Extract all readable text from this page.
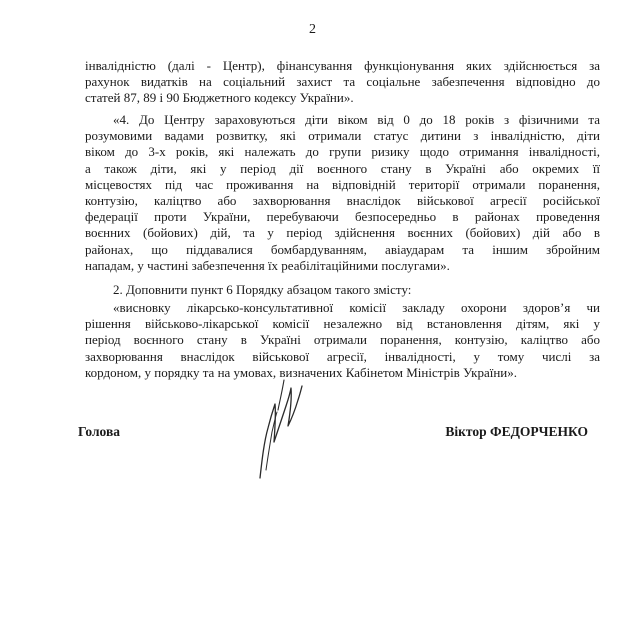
2
інвалідністю (далі - Центр), фінансування функціонування яких здійснюється за
рахунок видатків на соціальний захист та соціальне забезпечення відповідно до
статей 87, 89 і 90 Бюджетного кодексу України».
«4. До Центру зараховуються діти віком від 0 до 18 років з фізичними та
розумовими вадами розвитку, які отримали статус дитини з інвалідністю, діти
віком до 3-х років, які належать до групи ризику щодо отримання інвалідності,
а також діти, які у період дії воєнного стану в Україні або окремих її
місцевостях під час проживання на відповідній території отримали поранення,
контузію, каліцтво або захворювання внаслідок військової агресії російської
федерації проти України, перебуваючи безпосередньо в районах проведення
воєнних (бойових) дій, та у період здійснення воєнних (бойових) дій або в
районах, що піддавалися бомбардуванням, авіаударам та іншим збройним
нападам, у частині забезпечення їх реабілітаційними послугами».
2. Доповнити пункт 6 Порядку абзацом такого змісту:
«висновку лікарсько-консультативної комісії закладу охорони здоров’я чи
рішення військово-лікарської комісії незалежно від встановлення дітям, які у
період воєнного стану в Україні отримали поранення, контузію, каліцтво або
захворювання внаслідок військової агресії, інвалідності, у тому числі за
кордоном, у порядку та на умовах, визначених Кабінетом Міністрів України».
Голова	Віктор ФЕДОРЧЕНКО
